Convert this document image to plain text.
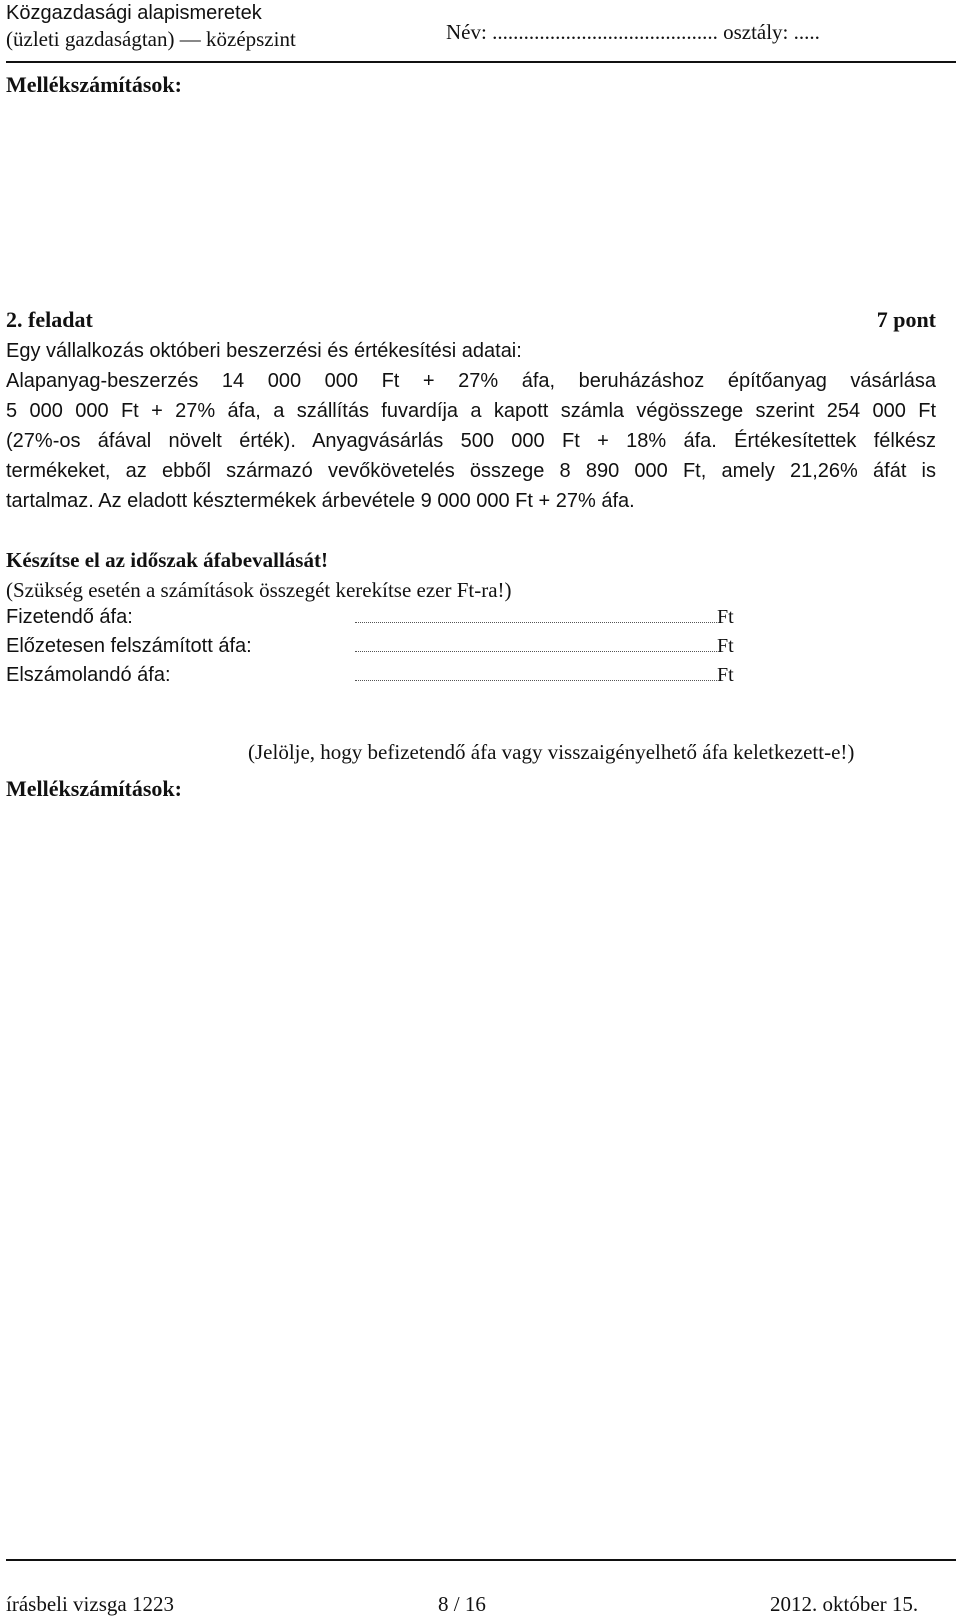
Közgazdasági alapismeretek
(üzleti gazdaságtan) — középszint	Név: ........................................... osztály: .....
Mellékszámítások:
2. feladat	7 pont
Egy vállalkozás októberi beszerzési és értékesítési adatai:
Alapanyag-beszerzés 14 000 000 Ft + 27% áfa, beruházáshoz építőanyag vásárlása
5 000 000 Ft + 27% áfa, a szállítás fuvardíja a kapott számla végösszege szerint 254 000 Ft
(27%-os áfával növelt érték). Anyagvásárlás 500 000 Ft + 18% áfa. Értékesítettek félkész
termékeket, az ebből származó vevőkövetelés összege 8 890 000 Ft, amely 21,26% áfát is
tartalmaz. Az eladott késztermékek árbevétele 9 000 000 Ft + 27% áfa.
Készítse el az időszak áfabevallását!
(Szükség esetén a számítások összegét kerekítse ezer Ft-ra!)
Fizetendő áfa:	Ft
Előzetesen felszámított áfa:	Ft
Elszámolandó áfa:	Ft
(Jelölje, hogy befizetendő áfa vagy visszaigényelhető áfa keletkezett-e!)
Mellékszámítások:
írásbeli vizsga 1223	8 / 16	2012. október 15.
